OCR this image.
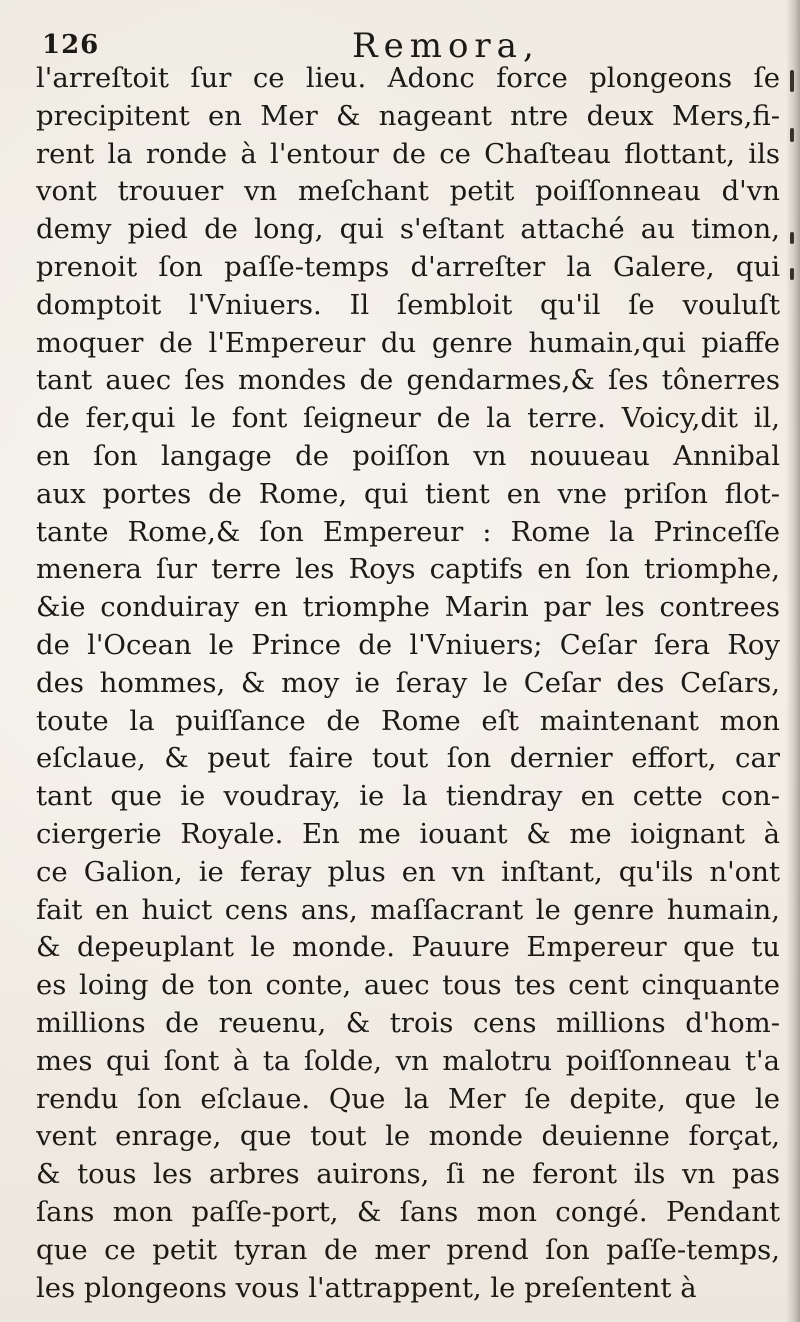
126	Remora,
l'arreſtoit ſur ce lieu. Adonc force plongeons ſe
precipitent en Mer & nageant ntre deux Mers,fi-
rent la ronde à l'entour de ce Chaſteau flottant, ils
vont trouuer vn meſchant petit poiſſonneau d'vn
demy pied de long, qui s'eſtant attaché au timon,
prenoit ſon paſſe-temps d'arreſter la Galere, qui
domptoit l'Vniuers. Il ſembloit qu'il ſe vouluſt
moquer de l'Empereur du genre humain,qui piaffe
tant auec ſes mondes de gendarmes,& ſes tônerres
de fer,qui le font ſeigneur de la terre. Voicy,dit il,
en ſon langage de poiſſon vn nouueau Annibal
aux portes de Rome, qui tient en vne priſon flot-
tante Rome,& ſon Empereur : Rome la Princeſſe
menera ſur terre les Roys captifs en ſon triomphe,
&ie conduiray en triomphe Marin par les contrees
de l'Ocean le Prince de l'Vniuers; Ceſar ſera Roy
des hommes, & moy ie ſeray le Ceſar des Ceſars,
toute la puiſſance de Rome eſt maintenant mon
eſclaue, & peut faire tout ſon dernier effort, car
tant que ie voudray, ie la tiendray en cette con-
ciergerie Royale. En me iouant & me ioignant à
ce Galion, ie feray plus en vn inſtant, qu'ils n'ont
fait en huict cens ans, maſſacrant le genre humain,
& depeuplant le monde. Pauure Empereur que tu
es loing de ton conte, auec tous tes cent cinquante
millions de reuenu, & trois cens millions d'hom-
mes qui ſont à ta ſolde, vn malotru poiſſonneau t'a
rendu ſon eſclaue. Que la Mer ſe depite, que le
vent enrage, que tout le monde deuienne forçat,
& tous les arbres auirons, ſi ne feront ils vn pas
ſans mon paſſe-port, & ſans mon congé. Pendant
que ce petit tyran de mer prend ſon paſſe-temps,
les plongeons vous l'attrappent, le preſentent à
